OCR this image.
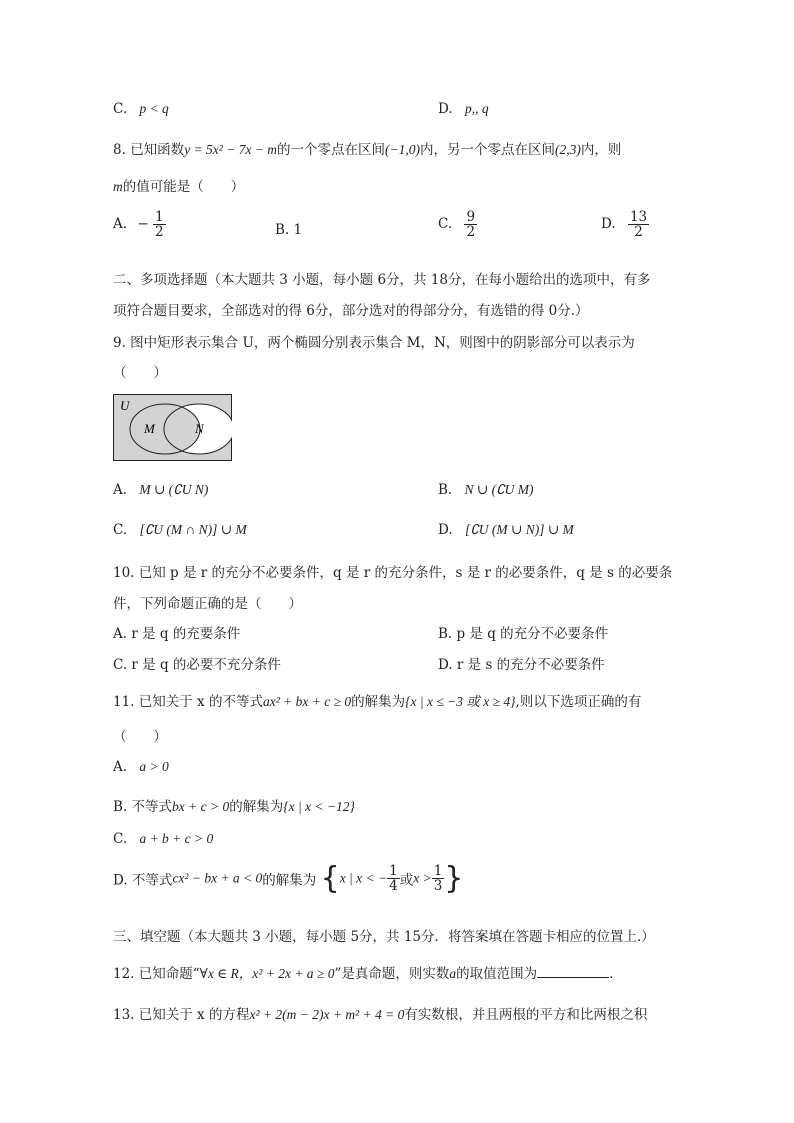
C. p < q	D. p,, q
8. 已知函数y = 5x² − 7x − m的一个零点在区间(−1,0)内，另一个零点在区间(2,3)内，则
m的值可能是（　　）
A. − $\frac{1}{2}$	B. 1	C. $\frac{9}{2}$	D. $\frac{13}{2}$
二、多项选择题（本大题共 3 小题，每小题 6分，共 18分，在每小题给出的选项中，有多
项符合题目要求，全部选对的得 6分，部分选对的得部分分，有选错的得 0分.）
9. 图中矩形表示集合 U，两个椭圆分别表示集合 M，N，则图中的阴影部分可以表示为
（　　）
U
M	N
A. M ∪ (∁U N)	B. N ∪ (∁U M)
C. [∁U (M ∩ N)] ∪ M	D. [∁U (M ∪ N)] ∪ M
10. 已知 p 是 r 的充分不必要条件，q 是 r 的充分条件，s 是 r 的必要条件，q 是 s 的必要条
件，下列命题正确的是（　　）
A. r 是 q 的充要条件	B. p 是 q 的充分不必要条件
C. r 是 q 的必要不充分条件	D. r 是 s 的充分不必要条件
11. 已知关于 x 的不等式ax² + bx + c ≥ 0的解集为{x | x ≤ −3 或 x ≥ 4},则以下选项正确的有
（　　）
A. a > 0
B. 不等式bx + c > 0的解集为{x | x < −12}
C. a + b + c > 0
D. 不等式cx² − bx + a < 0的解集为 {x | x < − $\frac{1}{4}$ 或$x > \frac{1}{3}$ }
三、填空题（本大题共 3 小题，每小题 5分，共 15分．将答案填在答题卡相应的位置上.）
12. 已知命题“∀x ∈ R，x² + 2x + a ≥ 0”是真命题，则实数a的取值范围为	.
13. 已知关于 x 的方程x² + 2(m − 2)x + m² + 4 = 0有实数根，并且两根的平方和比两根之积
